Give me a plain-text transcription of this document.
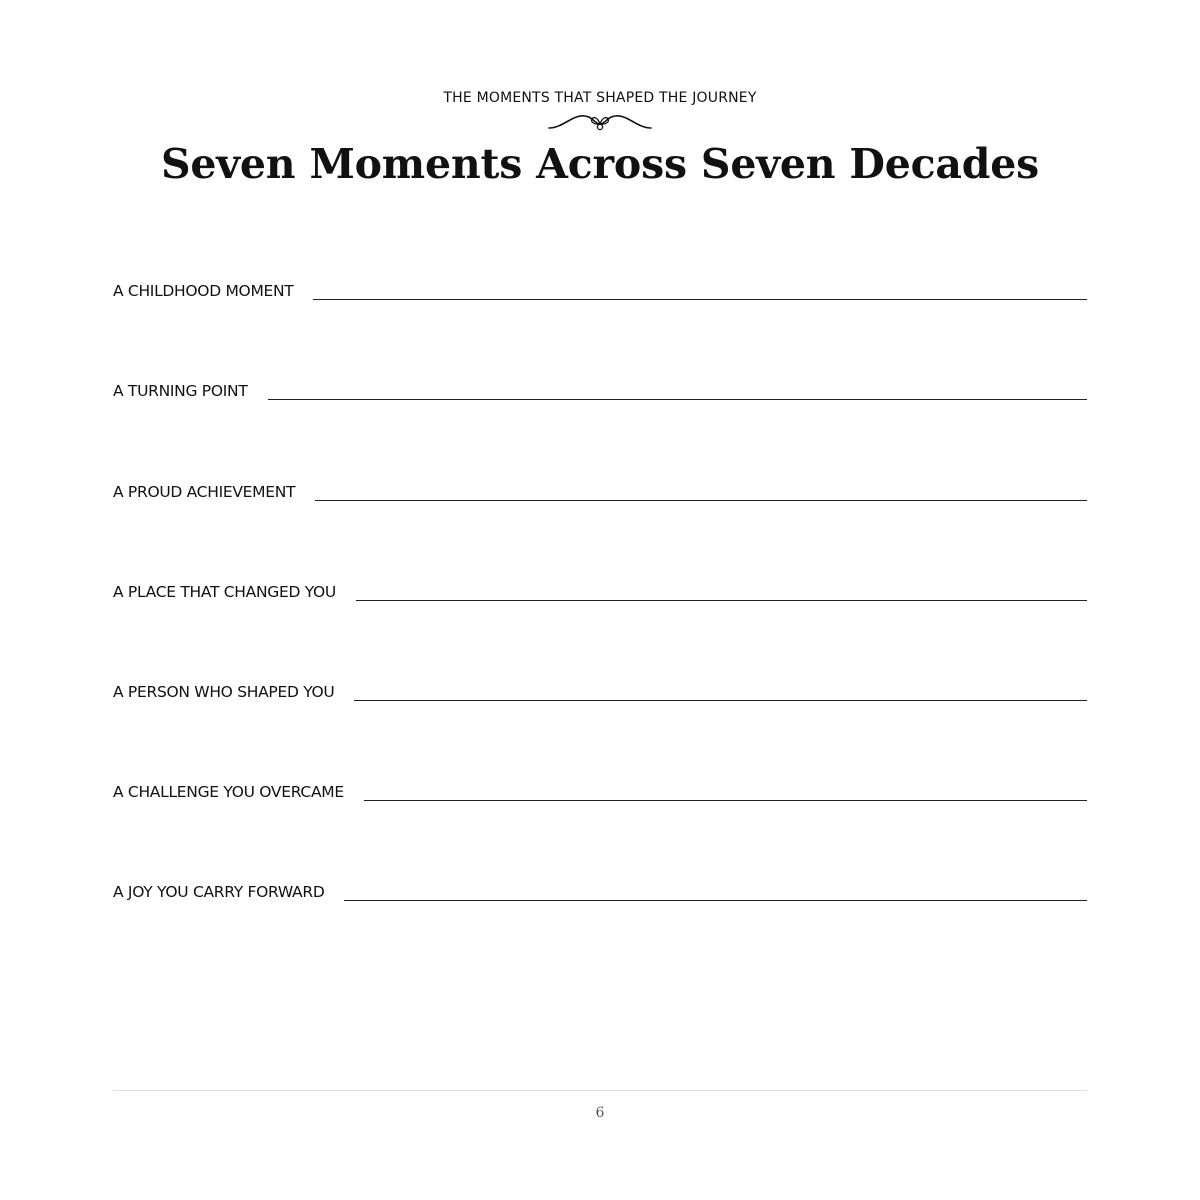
THE MOMENTS THAT SHAPED THE JOURNEY
Seven Moments Across Seven Decades
A CHILDHOOD MOMENT
A TURNING POINT
A PROUD ACHIEVEMENT
A PLACE THAT CHANGED YOU
A PERSON WHO SHAPED YOU
A CHALLENGE YOU OVERCAME
A JOY YOU CARRY FORWARD
6
